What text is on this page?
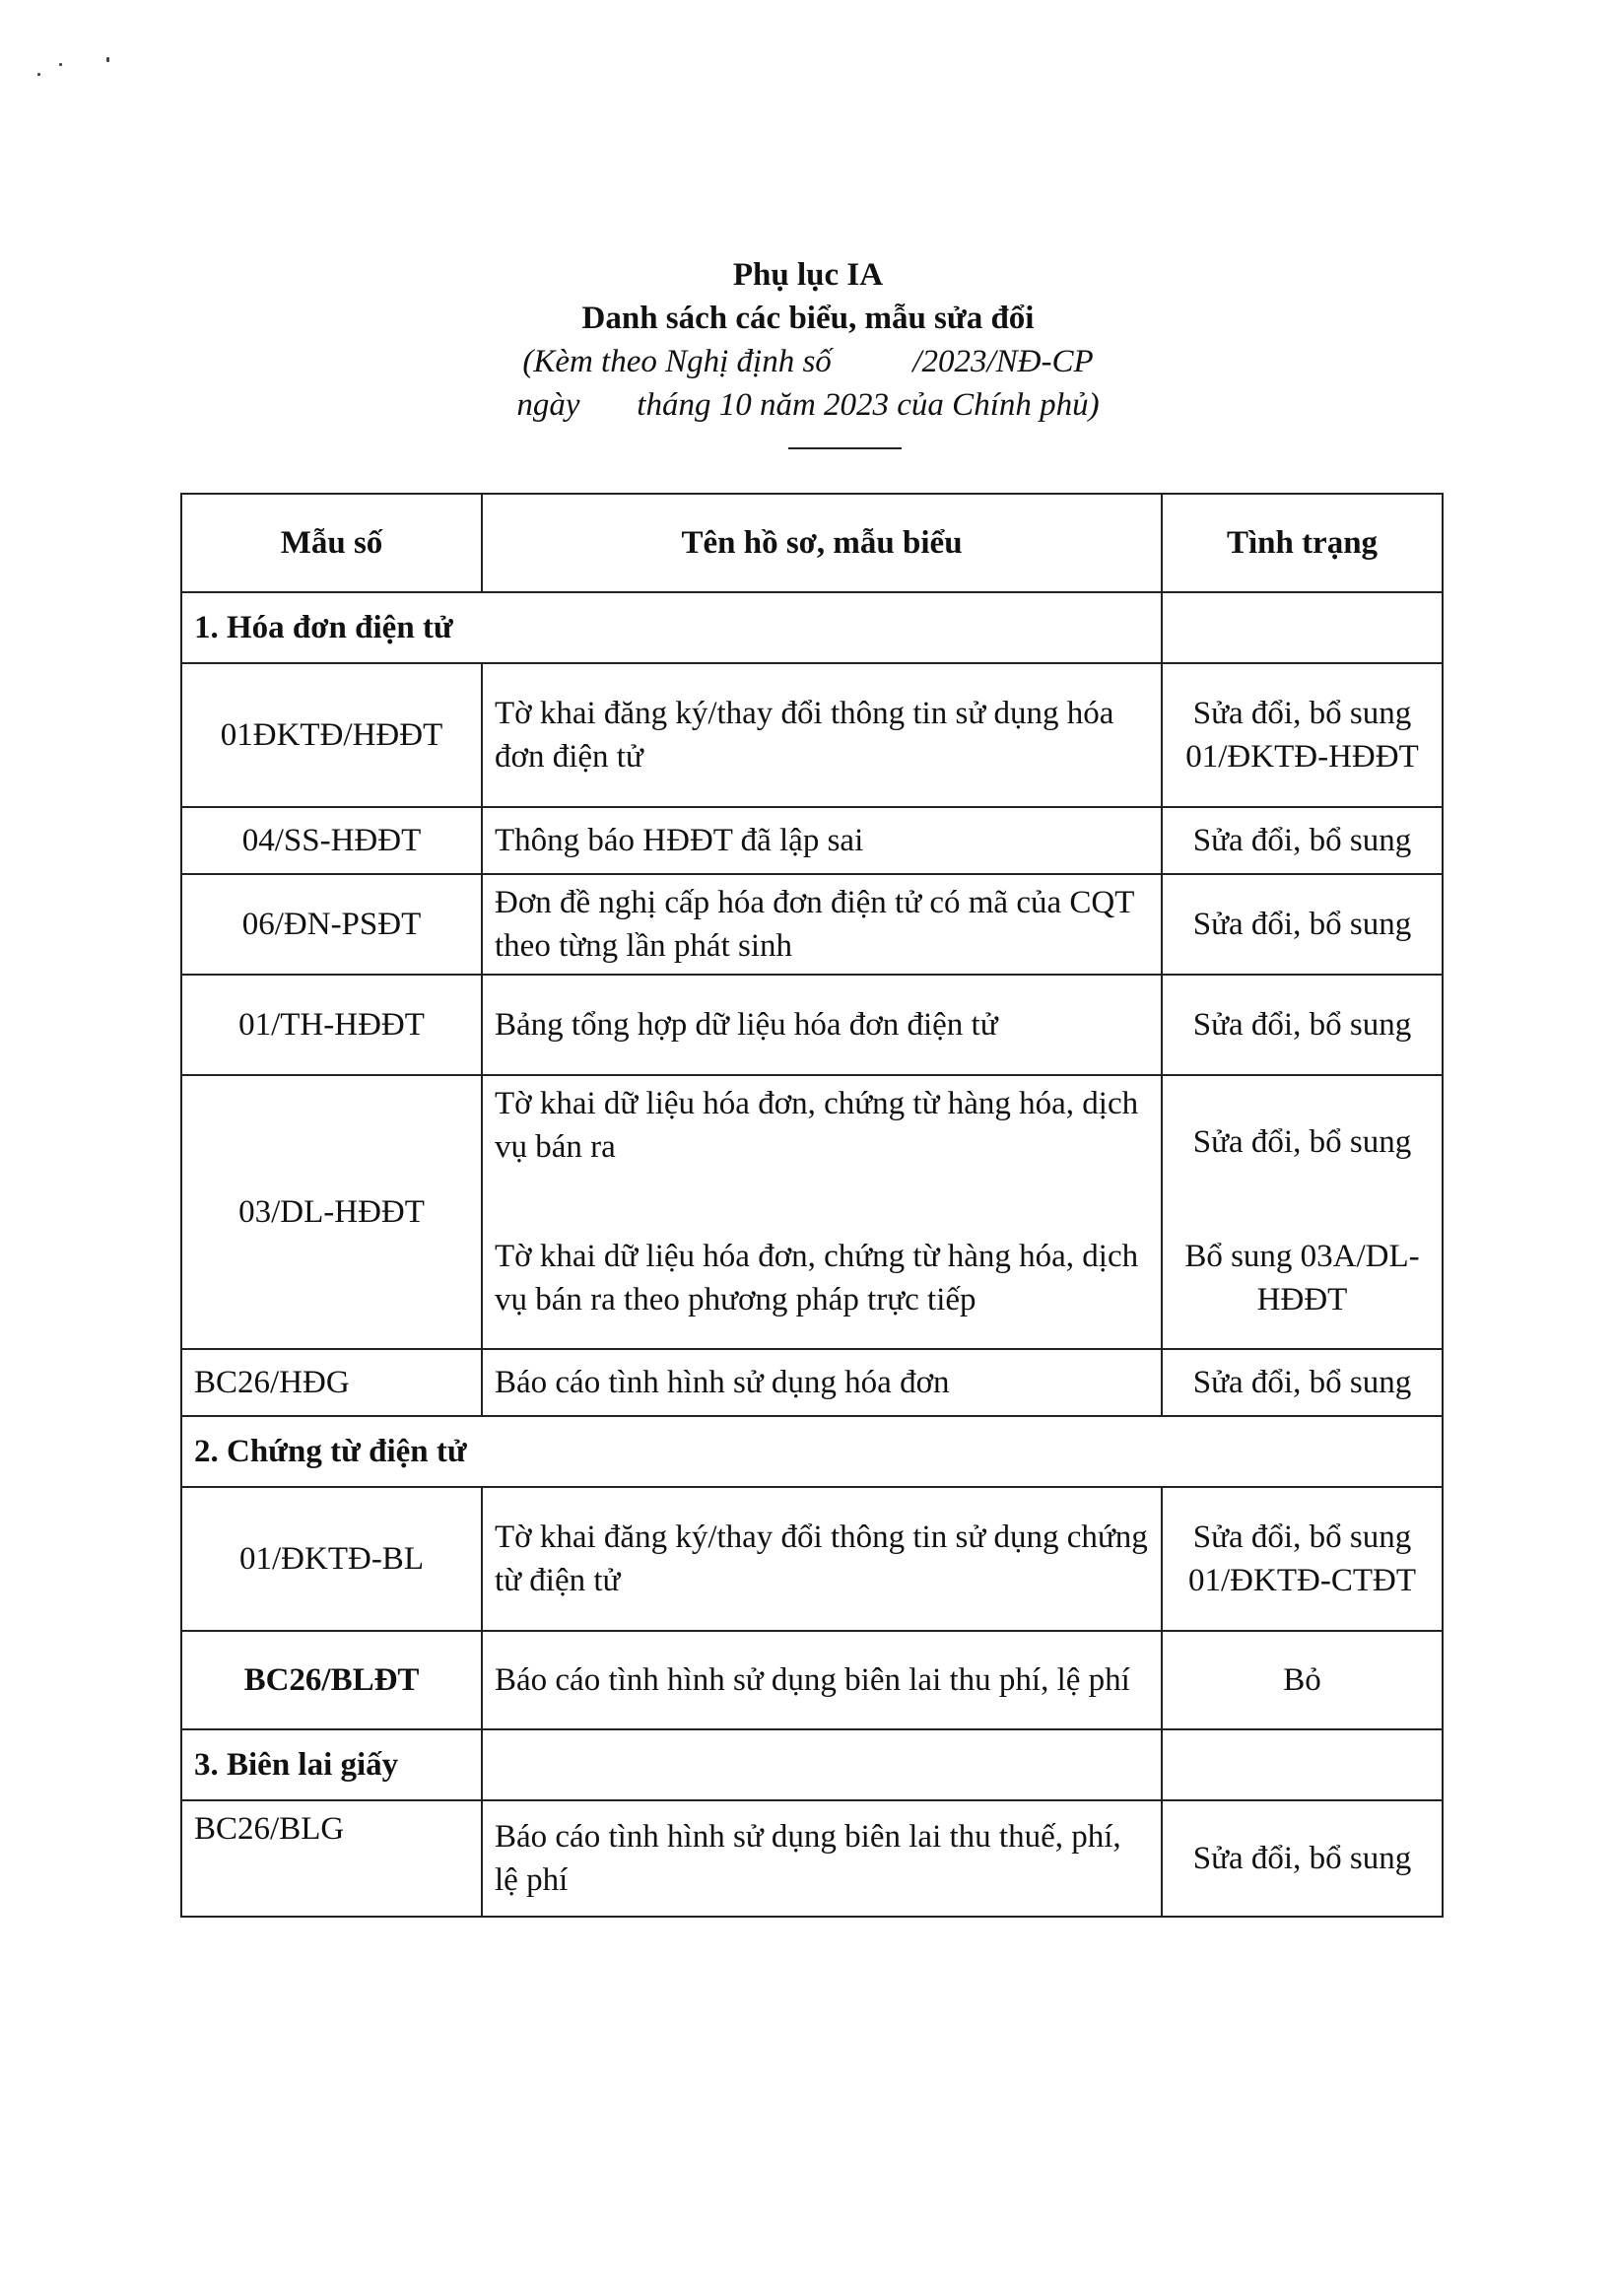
Phụ lục IA
Danh sách các biểu, mẫu sửa đổi
(Kèm theo Nghị định số          /2023/NĐ-CP
ngày       tháng 10 năm 2023 của Chính phủ)
Mẫu số	Tên hồ sơ, mẫu biểu	Tình trạng
1. Hóa đơn điện tử		
01ĐKTĐ/HĐĐT	Tờ khai đăng ký/thay đổi thông tin sử dụng hóa đơn điện tử	Sửa đổi, bổ sung 01/ĐKTĐ-HĐĐT
04/SS-HĐĐT	Thông báo HĐĐT đã lập sai	Sửa đổi, bổ sung
06/ĐN-PSĐT	Đơn đề nghị cấp hóa đơn điện tử có mã của CQT theo từng lần phát sinh	Sửa đổi, bổ sung
01/TH-HĐĐT	Bảng tổng hợp dữ liệu hóa đơn điện tử	Sửa đổi, bổ sung
03/DL-HĐĐT	Tờ khai dữ liệu hóa đơn, chứng từ hàng hóa, dịch vụ bán ra	Sửa đổi, bổ sung
	Tờ khai dữ liệu hóa đơn, chứng từ hàng hóa, dịch vụ bán ra theo phương pháp trực tiếp	Bổ sung 03A/DL-HĐĐT
BC26/HĐG	Báo cáo tình hình sử dụng hóa đơn	Sửa đổi, bổ sung
2. Chứng từ điện tử		
01/ĐKTĐ-BL	Tờ khai đăng ký/thay đổi thông tin sử dụng chứng từ điện tử	Sửa đổi, bổ sung 01/ĐKTĐ-CTĐT
BC26/BLĐT	Báo cáo tình hình sử dụng biên lai thu phí, lệ phí	Bỏ
3. Biên lai giấy		
BC26/BLG	Báo cáo tình hình sử dụng biên lai thu thuế, phí, lệ phí	Sửa đổi, bổ sung
